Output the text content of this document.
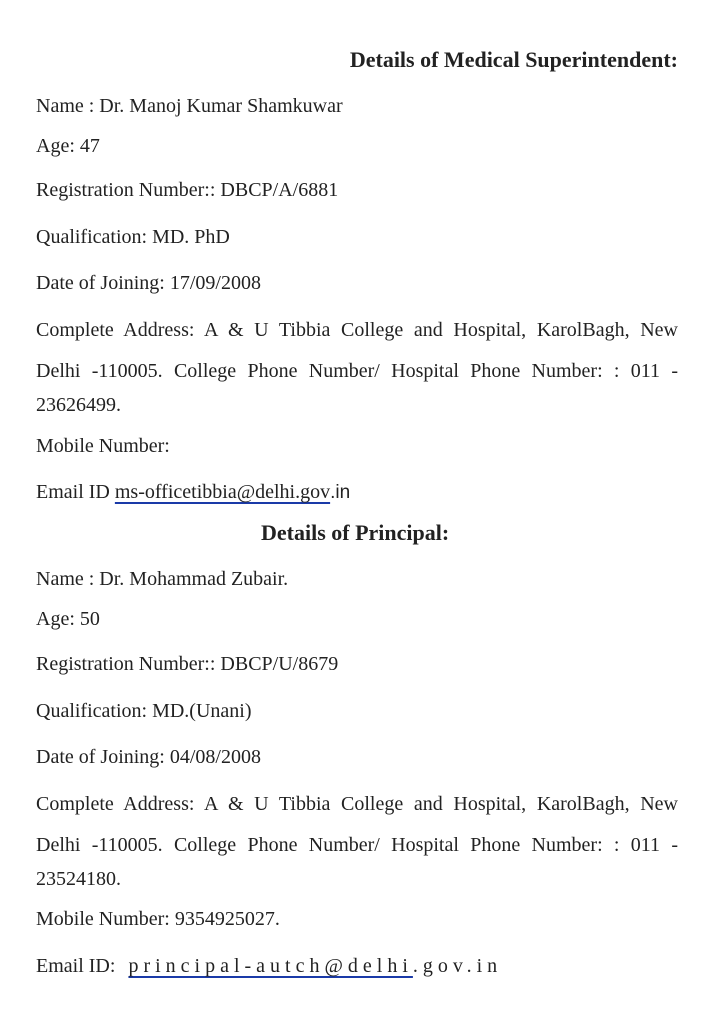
Details of Medical Superintendent:

Name : Dr. Manoj Kumar Shamkuwar

Age: 47

Registration Number:: DBCP/A/6881

Qualification: MD. PhD

Date of Joining: 17/09/2008

Complete Address: A & U Tibbia College and Hospital, KarolBagh, New

Delhi -110005. College Phone Number/ Hospital Phone Number: : 011 -

23626499.

Mobile Number:

Email ID ms-officetibbia@delhi.gov.in

Details of Principal:

Name : Dr. Mohammad Zubair.

Age: 50

Registration Number:: DBCP/U/8679

Qualification: MD.(Unani)

Date of Joining: 04/08/2008

Complete Address: A & U Tibbia College and Hospital, KarolBagh, New

Delhi -110005. College Phone Number/ Hospital Phone Number: : 011 -

23524180.

Mobile Number: 9354925027.

Email ID: principal-autch@delhi.gov.in
